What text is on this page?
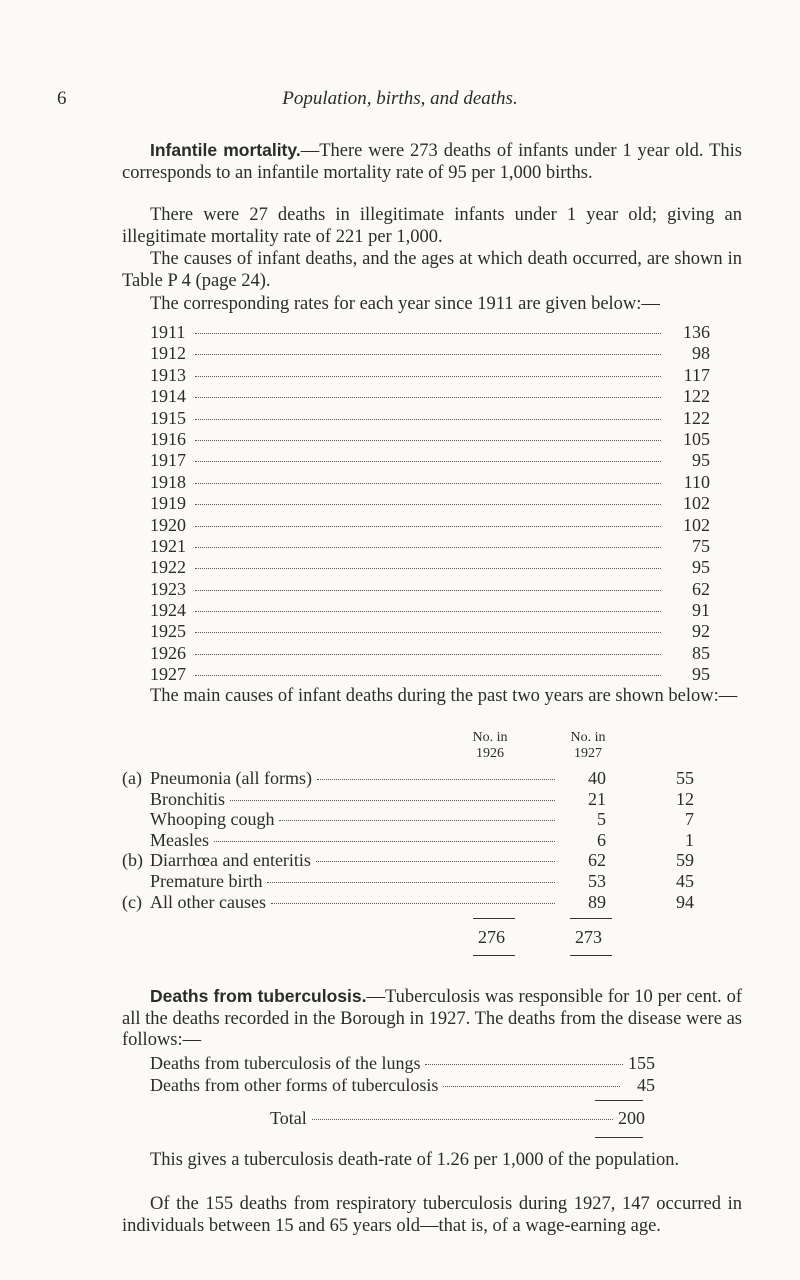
6	Population, births, and deaths.

Infantile mortality.—There were 273 deaths of infants under 1 year old. This corresponds to an infantile mortality rate of 95 per 1,000 births.

There were 27 deaths in illegitimate infants under 1 year old; giving an illegitimate mortality rate of 221 per 1,000.

The causes of infant deaths, and the ages at which death occurred, are shown in Table P 4 (page 24).

The corresponding rates for each year since 1911 are given below:—

1911	136
1912	98
1913	117
1914	122
1915	122
1916	105
1917	95
1918	110
1919	102
1920	102
1921	75
1922	95
1923	62
1924	91
1925	92
1926	85
1927	95

The main causes of infant deaths during the past two years are shown below:—

No. in
1926
No. in
1927
(a) Pneumonia (all forms)	40	55
Bronchitis	21	12
Whooping cough	5	7
Measles	6	1
(b) Diarrhœa and enteritis	62	59
Premature birth	53	45
(c) All other causes	89	94
276	273

Deaths from tuberculosis.—Tuberculosis was responsible for 10 per cent. of all the deaths recorded in the Borough in 1927. The deaths from the disease were as follows:—

Deaths from tuberculosis of the lungs	155
Deaths from other forms of tuberculosis	45
Total	200

This gives a tuberculosis death-rate of 1.26 per 1,000 of the population.

Of the 155 deaths from respiratory tuberculosis during 1927, 147 occurred in individuals between 15 and 65 years old—that is, of a wage-earning age.
